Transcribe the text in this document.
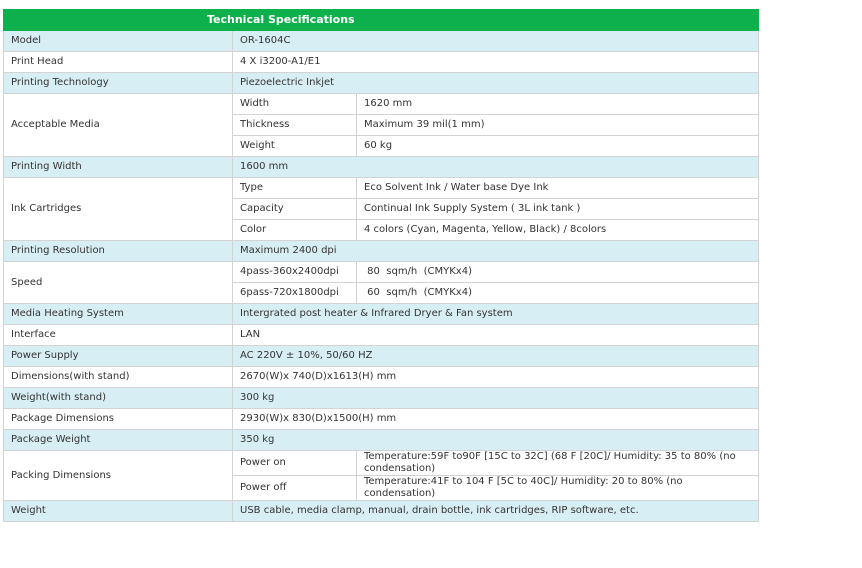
Technical Specifications		
Model	OR-1604C	
Print Head	4 X i3200-A1/E1	
Printing Technology	Piezoelectric Inkjet	
Acceptable Media	Width	1620 mm
	Thickness	Maximum 39 mil(1 mm)
	Weight	60 kg
Printing Width	1600 mm	
Ink Cartridges	Type	Eco Solvent Ink / Water base Dye Ink
	Capacity	Continual Ink Supply System ( 3L ink tank )
	Color	4 colors (Cyan, Magenta, Yellow, Black) / 8colors
Printing Resolution	Maximum 2400 dpi	
Speed	4pass-360x2400dpi	80  sqm/h  (CMYKx4)
	6pass-720x1800dpi	60  sqm/h  (CMYKx4)
Media Heating System	Intergrated post heater & Infrared Dryer & Fan system	
Interface	LAN	
Power Supply	AC 220V ± 10%, 50/60 HZ	
Dimensions(with stand)	2670(W)x 740(D)x1613(H) mm	
Weight(with stand)	300 kg	
Package Dimensions	2930(W)x 830(D)x1500(H) mm	
Package Weight	350 kg	
Packing Dimensions	Power on	Temperature:59F to90F [15C to 32C] (68 F [20C]/ Humidity: 35 to 80% (no condensation)
	Power off	Temperature:41F to 104 F [5C to 40C]/ Humidity: 20 to 80% (no condensation)
Weight	USB cable, media clamp, manual, drain bottle, ink cartridges, RIP software, etc.	
